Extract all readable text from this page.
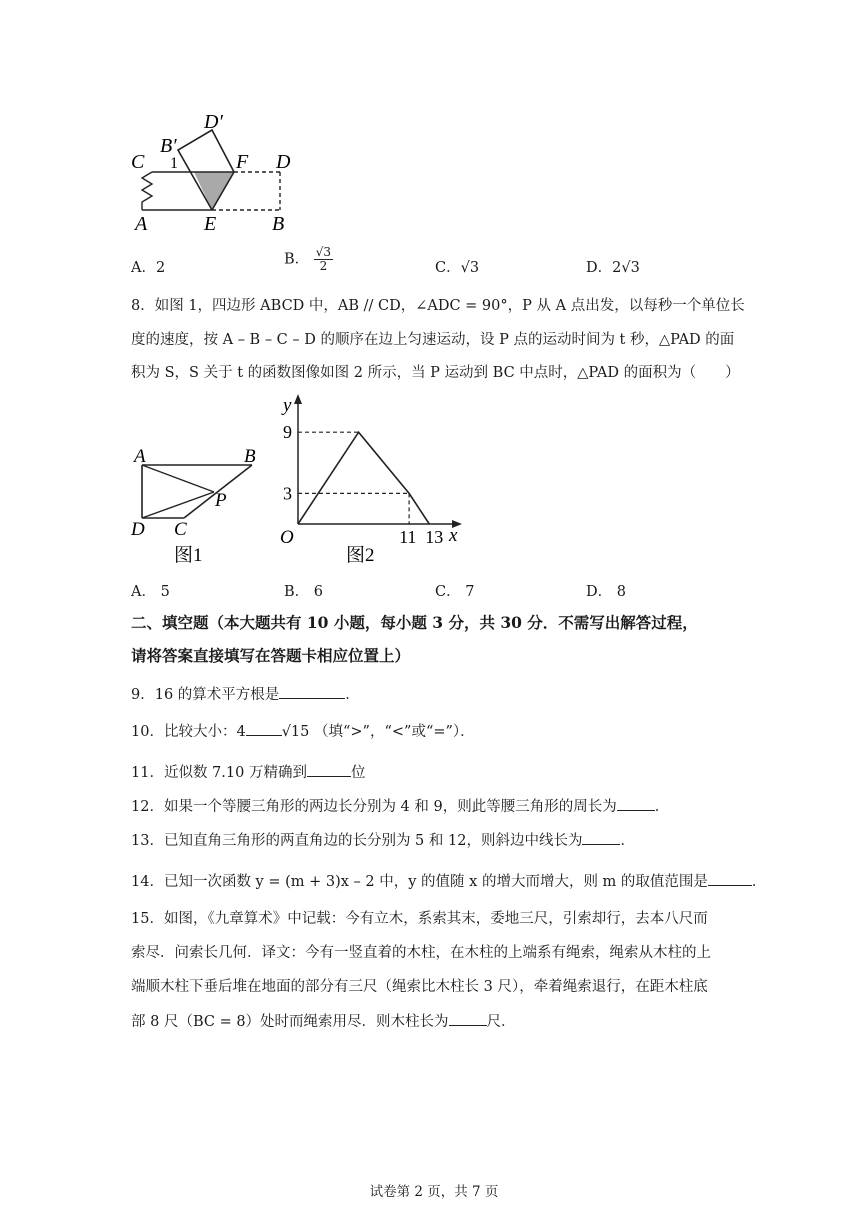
D′
B′
C 1	F D
A	E	B
A．2
B． $\frac{√3}{2}$	C．√3	D．2√3
8．如图 1，四边形 ABCD 中，AB // CD，∠ADC = 90°，P 从 A 点出发，以每秒一个单位长
度的速度，按 A – B – C – D 的顺序在边上匀速运动，设 P 点的运动时间为 t 秒，△PAD 的面
积为 S，S 关于 t 的函数图像如图 2 所示，当 P 运动到 BC 中点时，△PAD 的面积为（　　）
A	B
P
D C
图1
9
3
11 13
y
x
O
图2
A． 5	B． 6	C． 7	D． 8
二、填空题（本大题共有 10 小题，每小题 3 分，共 30 分．不需写出解答过程，
请将答案直接填写在答题卡相应位置上）
9．16 的算术平方根是	．
10．比较大小：4 √15 （填“>”，“<”或“=”）．
11．近似数 7.10 万精确到	位
12．如果一个等腰三角形的两边长分别为 4 和 9，则此等腰三角形的周长为	．
13．已知直角三角形的两直角边的长分别为 5 和 12，则斜边中线长为	．
14．已知一次函数 y = (m + 3)x – 2 中，y 的值随 x 的增大而增大，则 m 的取值范围是	．
15．如图，《九章算术》中记载：今有立木，系索其末，委地三尺，引索却行，去本八尺而
索尽．问索长几何．译文：今有一竖直着的木柱，在木柱的上端系有绳索，绳索从木柱的上
端顺木柱下垂后堆在地面的部分有三尺（绳索比木柱长 3 尺），牵着绳索退行，在距木柱底
部 8 尺（BC = 8）处时而绳索用尽．则木柱长为	尺．
试卷第 2 页，共 7 页
